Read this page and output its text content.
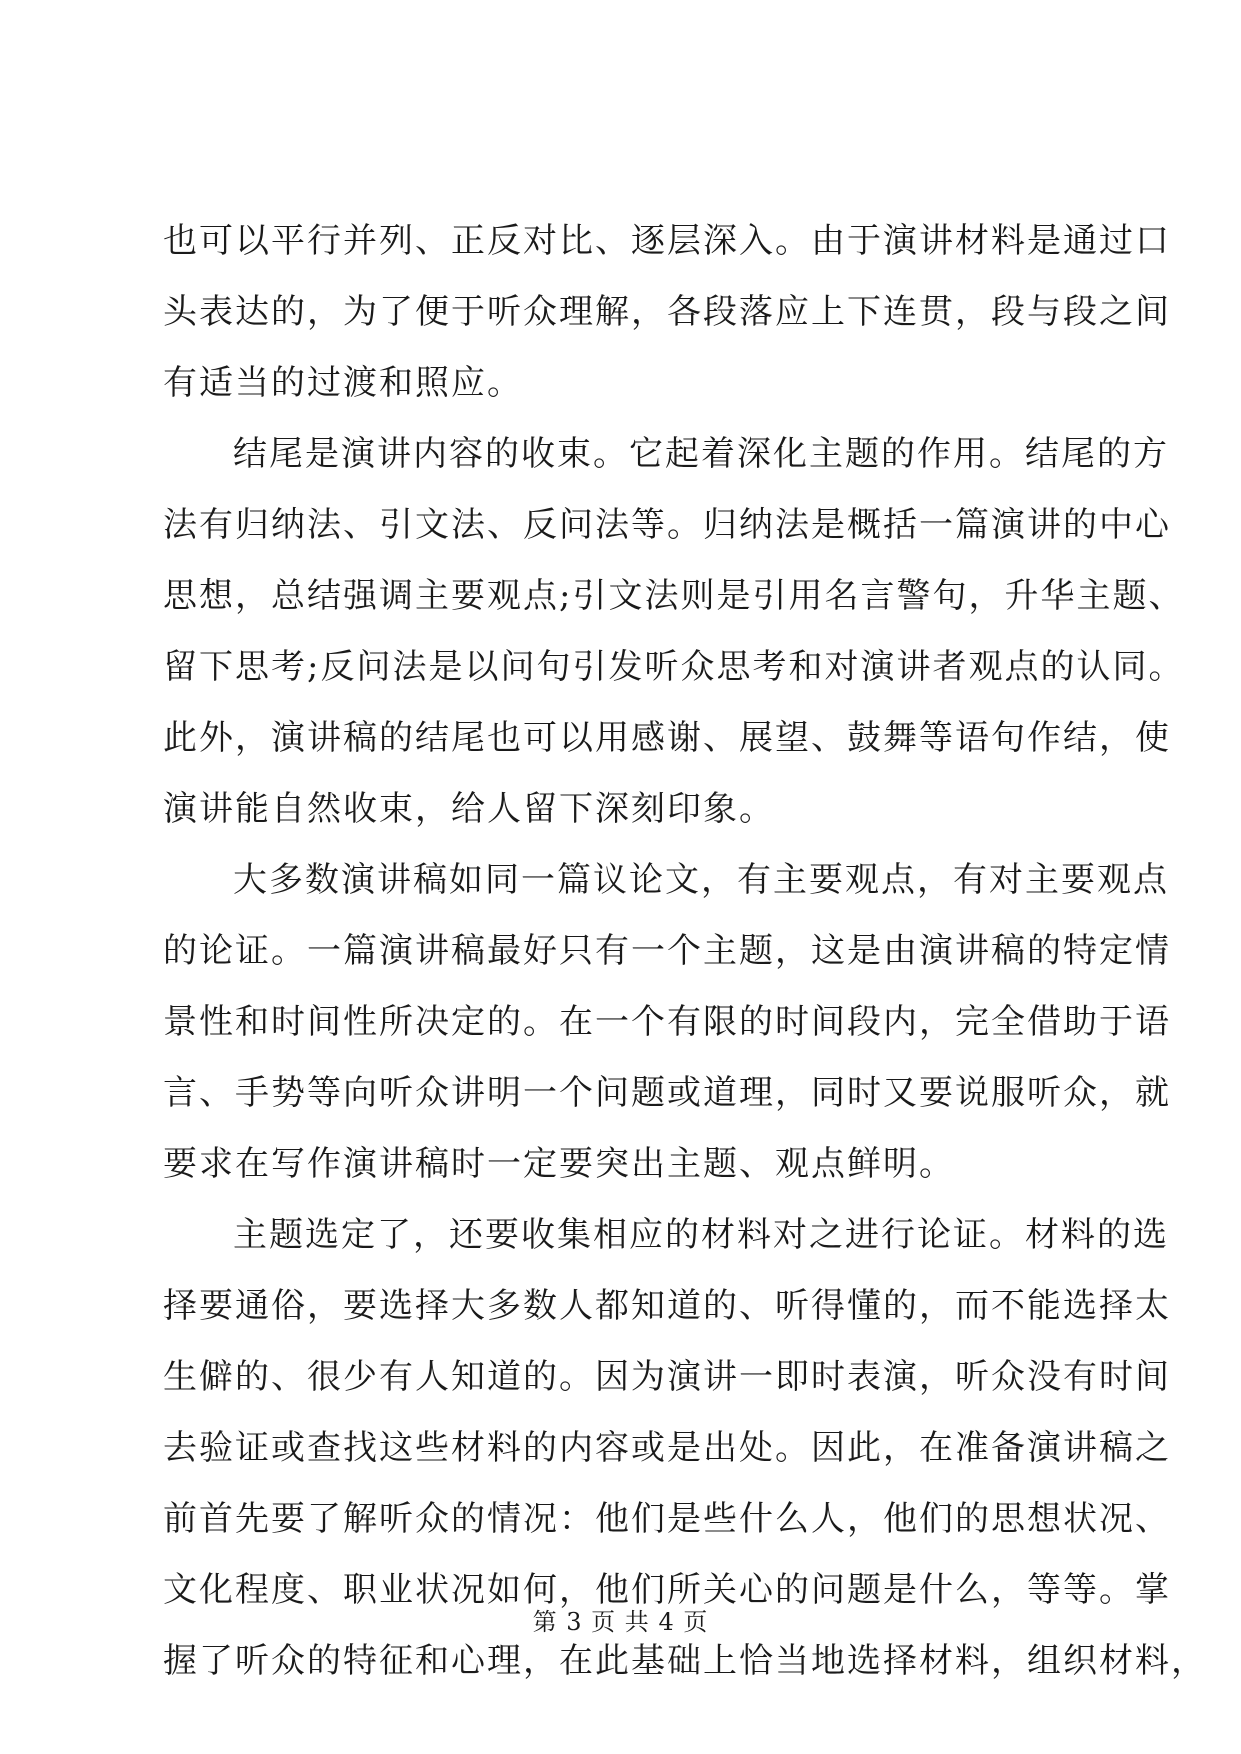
也可以平行并列、正反对比、逐层深入。由于演讲材料是通过口
头表达的，为了便于听众理解，各段落应上下连贯，段与段之间
有适当的过渡和照应。
结尾是演讲内容的收束。它起着深化主题的作用。结尾的方
法有归纳法、引文法、反问法等。归纳法是概括一篇演讲的中心
思想，总结强调主要观点;引文法则是引用名言警句，升华主题、
留下思考;反问法是以问句引发听众思考和对演讲者观点的认同。
此外，演讲稿的结尾也可以用感谢、展望、鼓舞等语句作结，使
演讲能自然收束，给人留下深刻印象。
大多数演讲稿如同一篇议论文，有主要观点，有对主要观点
的论证。一篇演讲稿最好只有一个主题，这是由演讲稿的特定情
景性和时间性所决定的。在一个有限的时间段内，完全借助于语
言、手势等向听众讲明一个问题或道理，同时又要说服听众，就
要求在写作演讲稿时一定要突出主题、观点鲜明。
主题选定了，还要收集相应的材料对之进行论证。材料的选
择要通俗，要选择大多数人都知道的、听得懂的，而不能选择太
生僻的、很少有人知道的。因为演讲一即时表演，听众没有时间
去验证或查找这些材料的内容或是出处。因此，在准备演讲稿之
前首先要了解听众的情况：他们是些什么人，他们的思想状况、
文化程度、职业状况如何，他们所关心的问题是什么，等等。掌
握了听众的特征和心理，在此基础上恰当地选择材料，组织材料，
第 3 页 共 4 页
